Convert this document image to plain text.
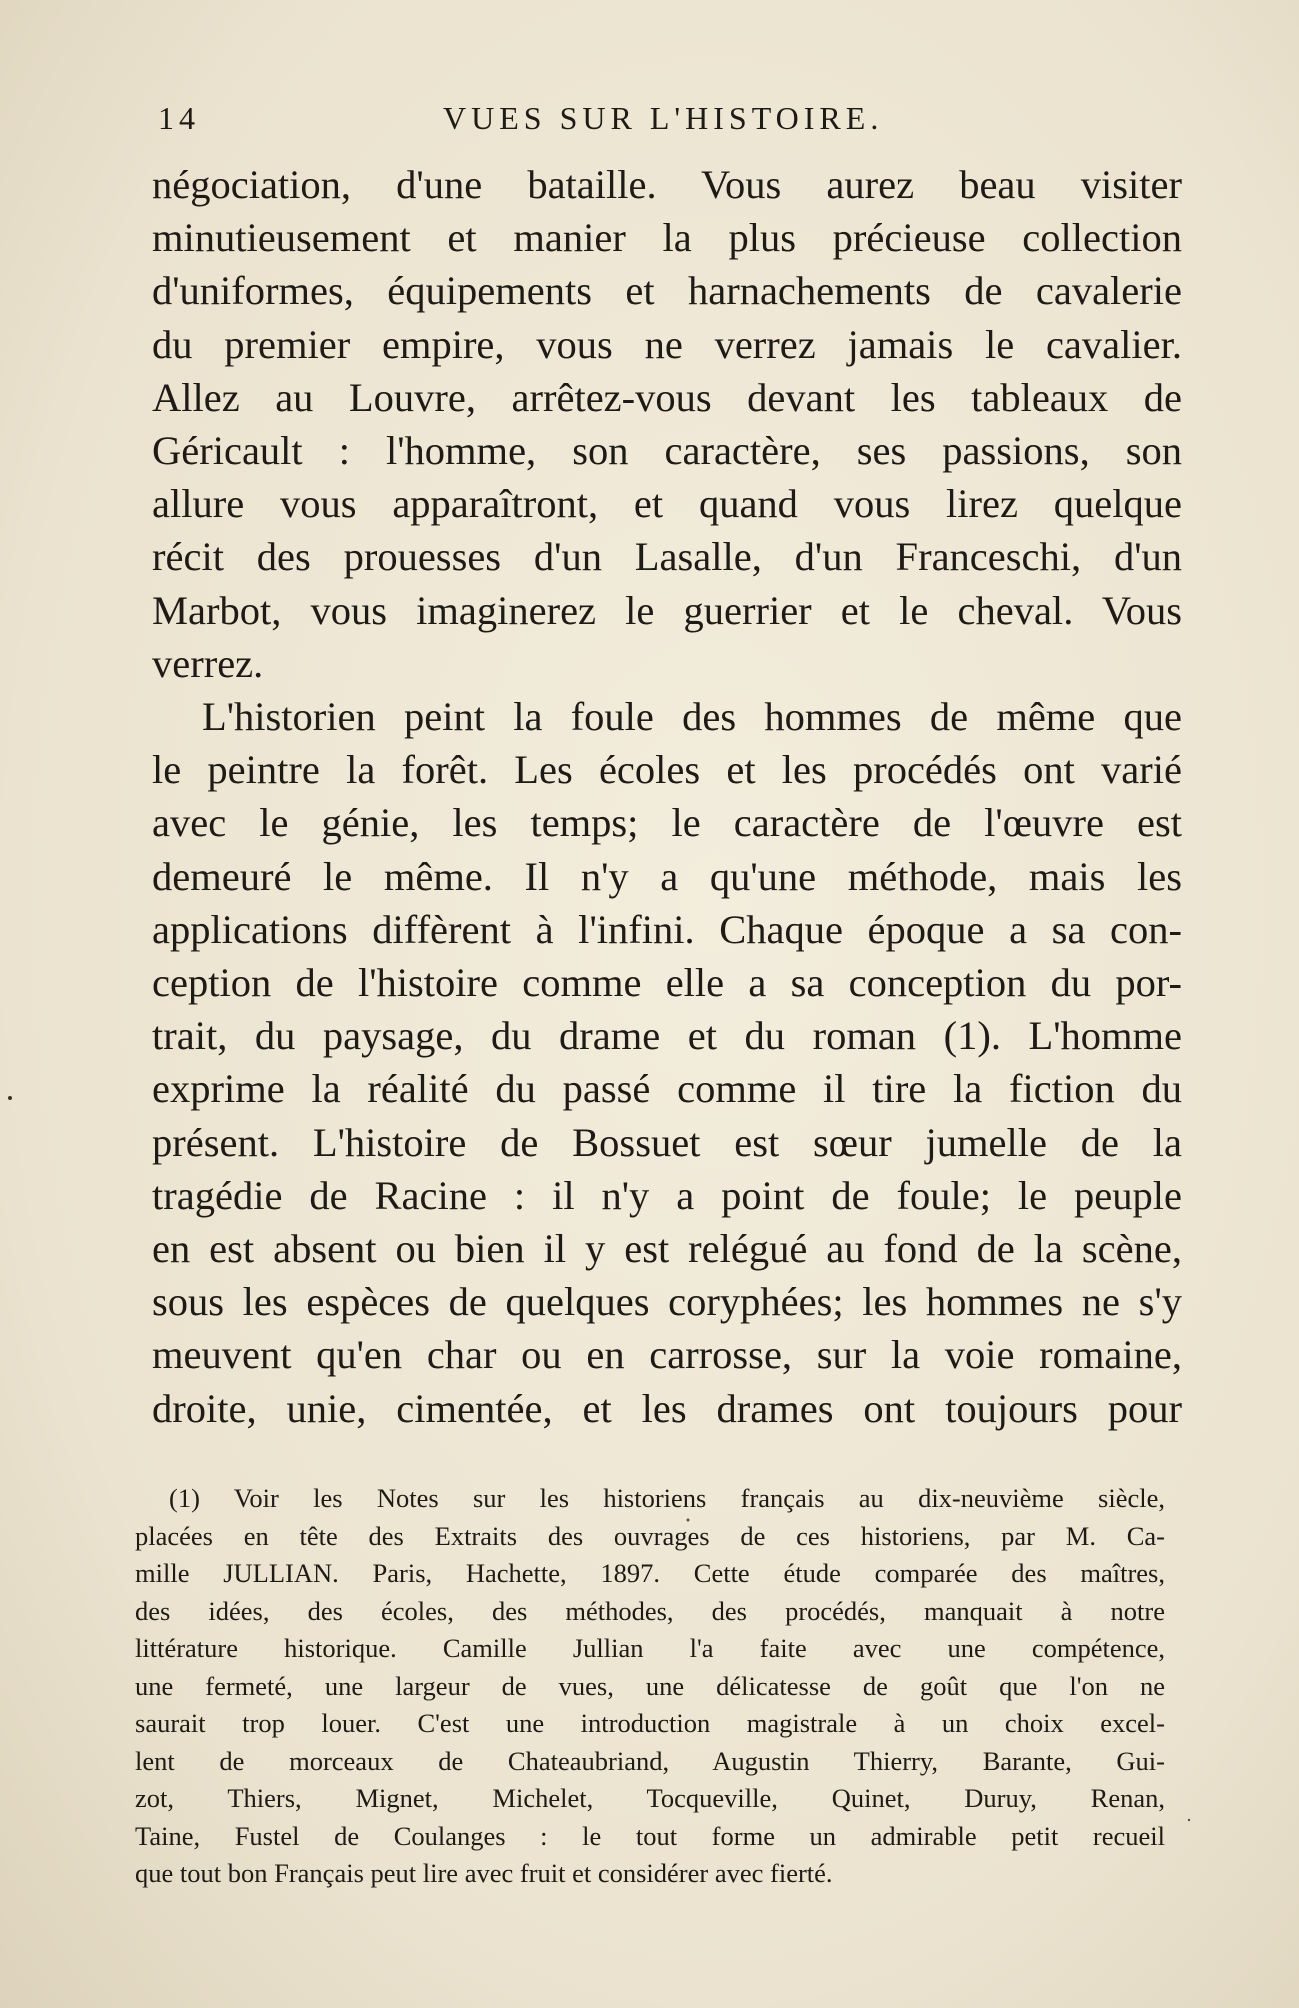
14	VUES SUR L'HISTOIRE.
négociation, d'une bataille. Vous aurez beau visiter
minutieusement et manier la plus précieuse collection
d'uniformes, équipements et harnachements de cavalerie
du premier empire, vous ne verrez jamais le cavalier.
Allez au Louvre, arrêtez-vous devant les tableaux de
Géricault : l'homme, son caractère, ses passions, son
allure vous apparaîtront, et quand vous lirez quelque
récit des prouesses d'un Lasalle, d'un Franceschi, d'un
Marbot, vous imaginerez le guerrier et le cheval. Vous
verrez.
L'historien peint la foule des hommes de même que
le peintre la forêt. Les écoles et les procédés ont varié
avec le génie, les temps; le caractère de l'œuvre est
demeuré le même. Il n'y a qu'une méthode, mais les
applications diffèrent à l'infini. Chaque époque a sa con-
ception de l'histoire comme elle a sa conception du por-
trait, du paysage, du drame et du roman (1). L'homme
exprime la réalité du passé comme il tire la fiction du
présent. L'histoire de Bossuet est sœur jumelle de la
tragédie de Racine : il n'y a point de foule; le peuple
en est absent ou bien il y est relégué au fond de la scène,
sous les espèces de quelques coryphées; les hommes ne s'y
meuvent qu'en char ou en carrosse, sur la voie romaine,
droite, unie, cimentée, et les drames ont toujours pour
(1) Voir les Notes sur les historiens français au dix-neuvième siècle,
placées en tête des Extraits des ouvrages de ces historiens, par M. Ca-
mille JULLIAN. Paris, Hachette, 1897. Cette étude comparée des maîtres,
des idées, des écoles, des méthodes, des procédés, manquait à notre
littérature historique. Camille Jullian l'a faite avec une compétence,
une fermeté, une largeur de vues, une délicatesse de goût que l'on ne
saurait trop louer. C'est une introduction magistrale à un choix excel-
lent de morceaux de Chateaubriand, Augustin Thierry, Barante, Gui-
zot, Thiers, Mignet, Michelet, Tocqueville, Quinet, Duruy, Renan,
Taine, Fustel de Coulanges : le tout forme un admirable petit recueil
que tout bon Français peut lire avec fruit et considérer avec fierté.
